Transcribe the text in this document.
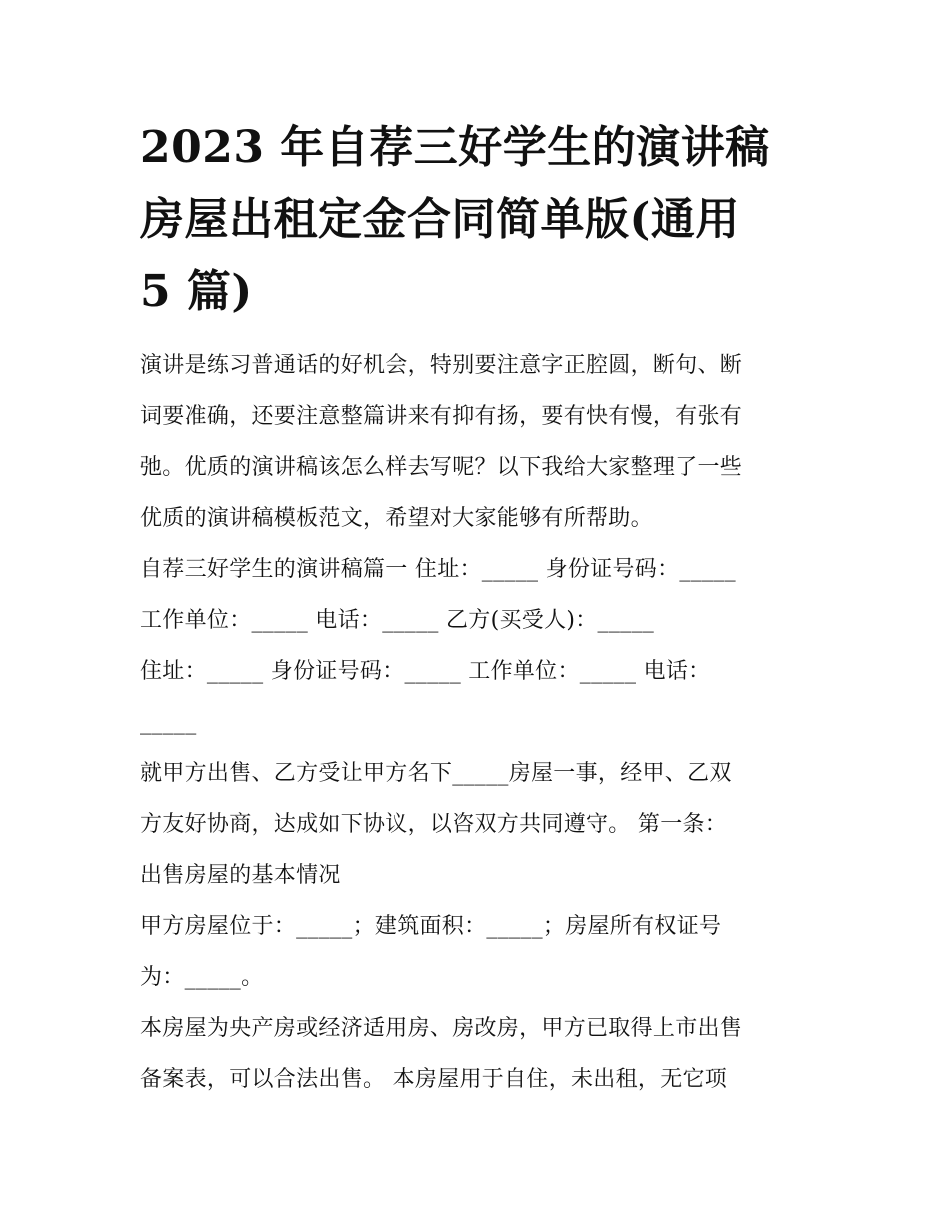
2023 年自荐三好学生的演讲稿
房屋出租定金合同简单版(通用
5 篇)

演讲是练习普通话的好机会，特别要注意字正腔圆，断句、断
词要准确，还要注意整篇讲来有抑有扬，要有快有慢，有张有
弛。优质的演讲稿该怎么样去写呢？以下我给大家整理了一些
优质的演讲稿模板范文，希望对大家能够有所帮助。

自荐三好学生的演讲稿篇一 住址：_____ 身份证号码：_____
工作单位：_____ 电话：_____ 乙方(买受人)：_____
住址：_____ 身份证号码：_____ 工作单位：_____ 电话：
_____

就甲方出售、乙方受让甲方名下_____房屋一事，经甲、乙双
方友好协商，达成如下协议，以咨双方共同遵守。 第一条：
出售房屋的基本情况

甲方房屋位于：_____；建筑面积：_____；房屋所有权证号
为：_____。

本房屋为央产房或经济适用房、房改房，甲方已取得上市出售
备案表，可以合法出售。 本房屋用于自住，未出租，无它项
